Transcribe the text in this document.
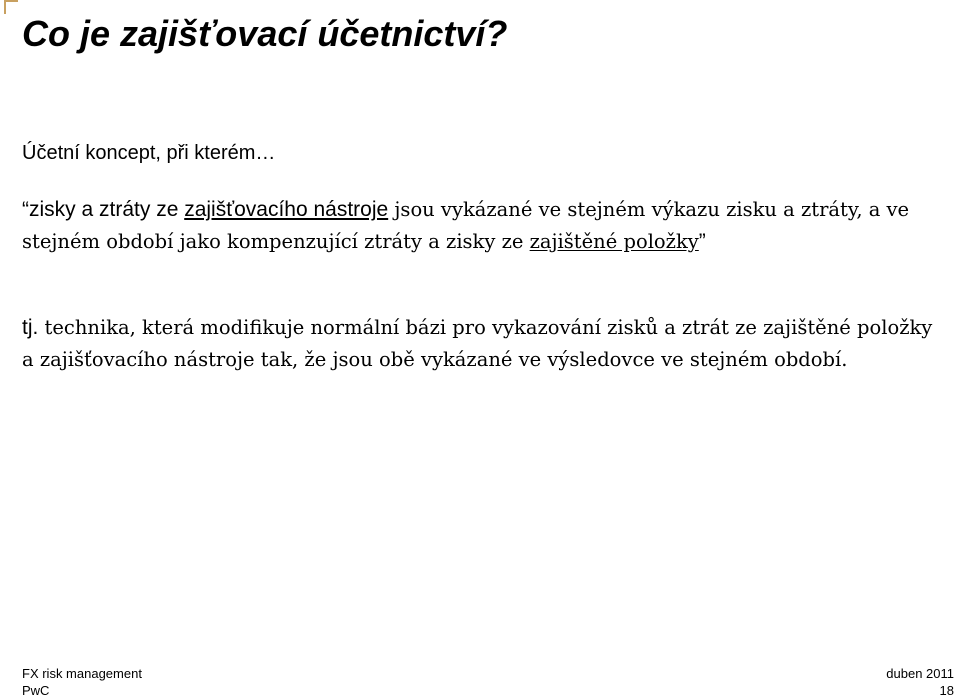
Co je zajišťovací účetnictví?

Účetní koncept, při kterém…

“zisky a ztráty ze zajišťovacího nástroje jsou vykázané ve stejném výkazu zisku a ztráty, a ve stejném období jako kompenzující ztráty a zisky ze zajištěné položky”

tj. technika, která modifikuje normální bázi pro vykazování zisků a ztrát ze zajištěné položky a zajišťovacího nástroje tak, že jsou obě vykázané ve výsledovce ve stejném období.

FX risk management
PwC
duben 2011
18
